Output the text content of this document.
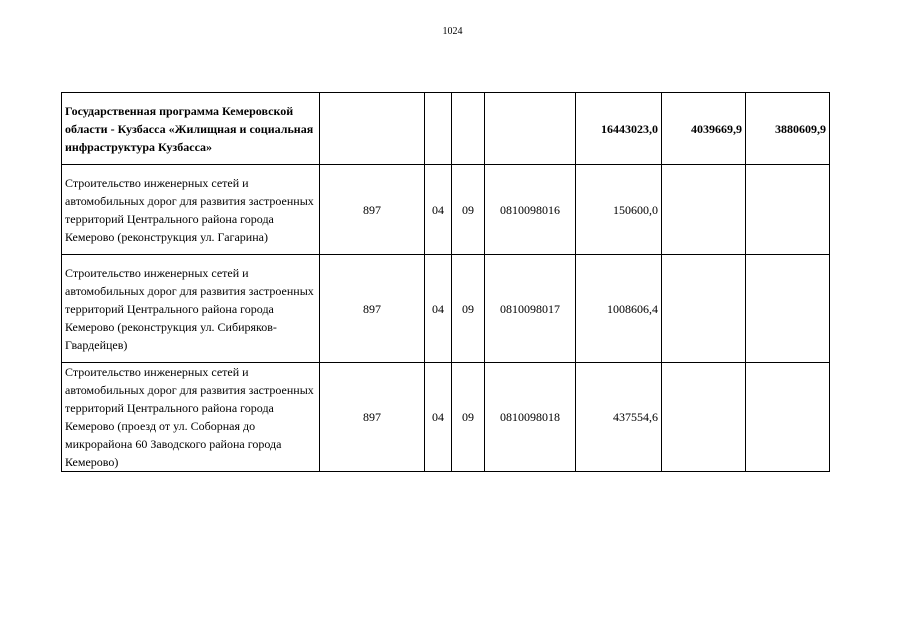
1024
Государственная программа Кемеровской области - Кузбасса «Жилищная и социальная инфраструктура Кузбасса»					16443023,0	4039669,9	3880609,9
Строительство инженерных сетей и автомобильных дорог для развития застроенных территорий Центрального района города Кемерово (реконструкция ул. Гагарина)	897	04	09	0810098016	150600,0		
Строительство инженерных сетей и автомобильных дорог для развития застроенных территорий Центрального района города Кемерово (реконструкция ул. Сибиряков-Гвардейцев)	897	04	09	0810098017	1008606,4		
Строительство инженерных сетей и автомобильных дорог для развития застроенных территорий Центрального района города Кемерово (проезд от ул. Соборная до микрорайона 60 Заводского района города Кемерово)	897	04	09	0810098018	437554,6		
